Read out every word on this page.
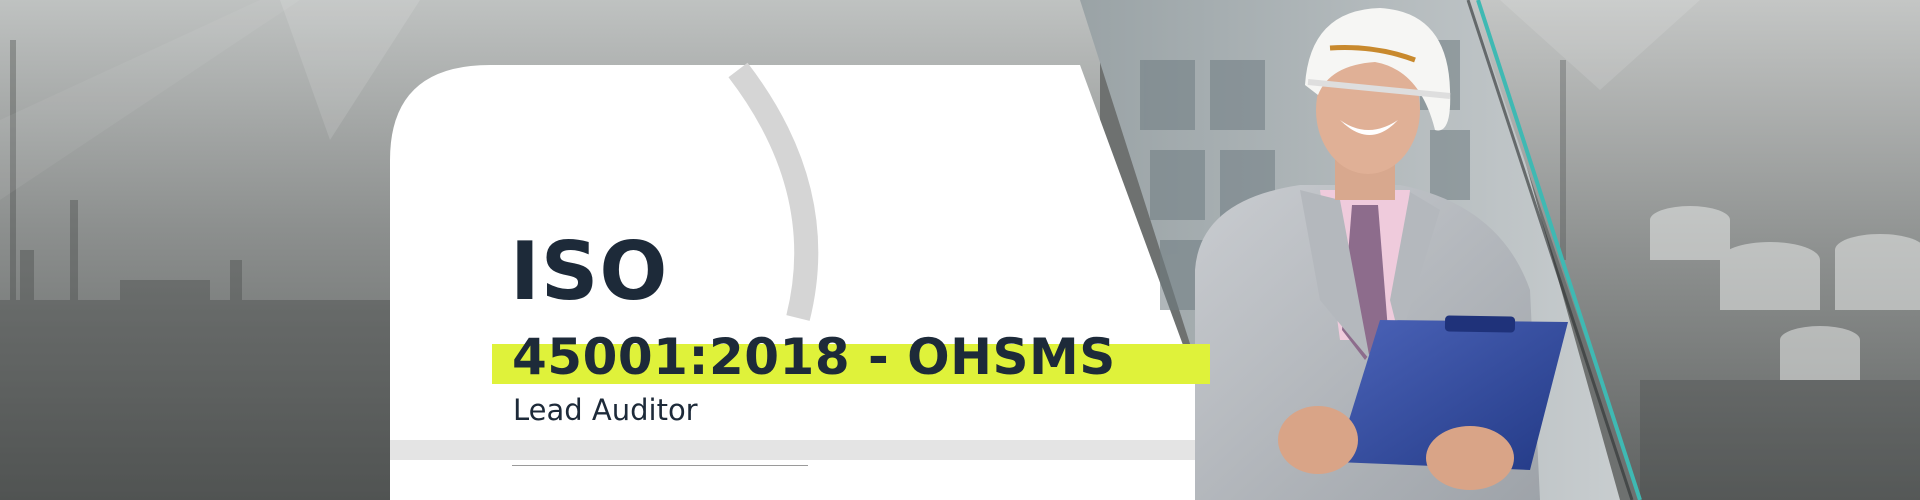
ISO
45001:2018 - OHSMS

Lead Auditor
